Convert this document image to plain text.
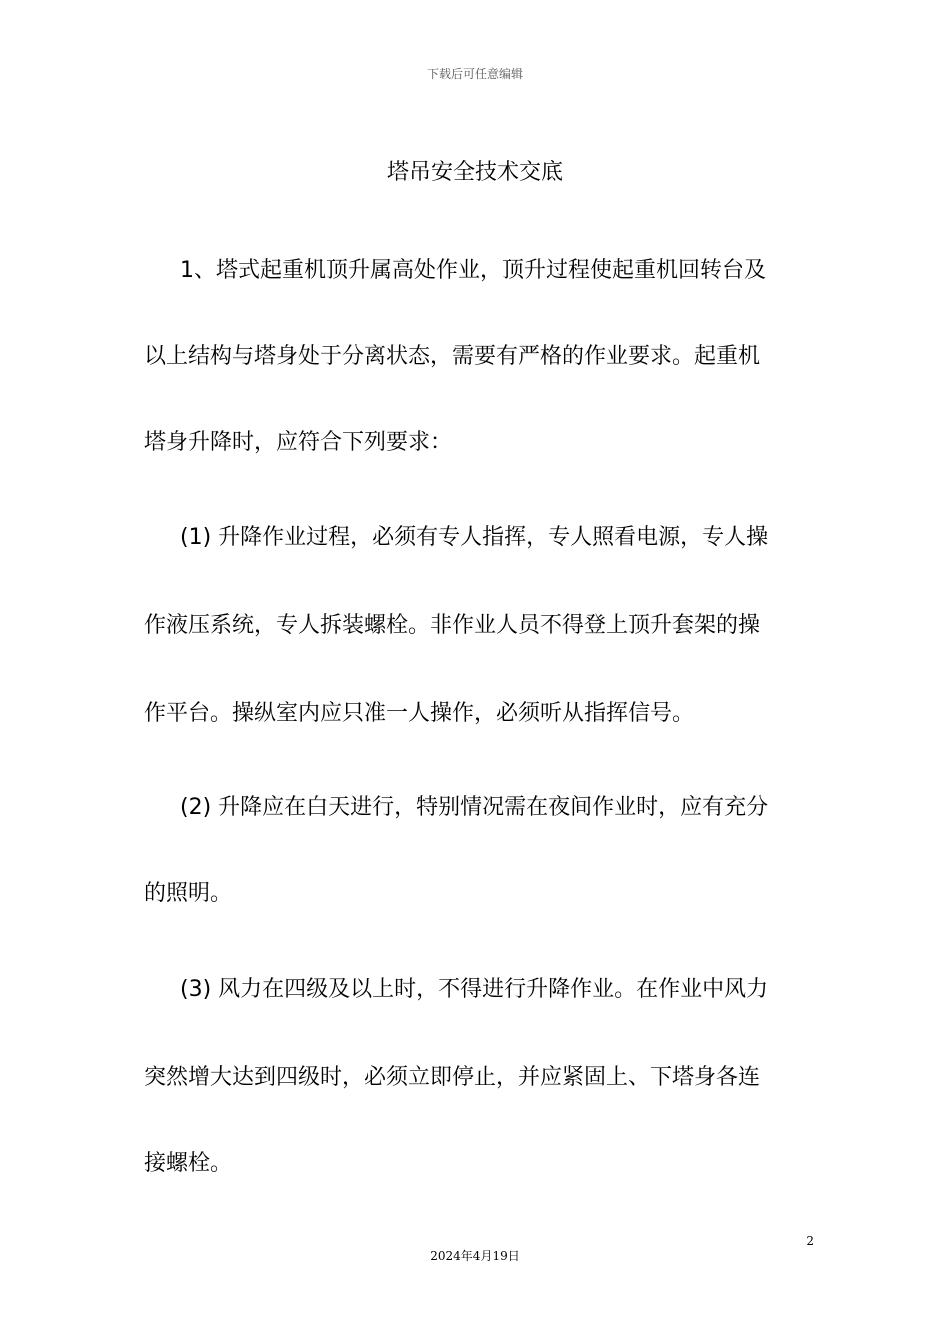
下载后可任意编辑
塔吊安全技术交底
1、塔式起重机顶升属高处作业，顶升过程使起重机回转台及
以上结构与塔身处于分离状态，需要有严格的作业要求。起重机
塔身升降时，应符合下列要求：
(1) 升降作业过程，必须有专人指挥，专人照看电源，专人操
作液压系统，专人拆装螺栓。非作业人员不得登上顶升套架的操
作平台。操纵室内应只准一人操作，必须听从指挥信号。
(2) 升降应在白天进行，特别情况需在夜间作业时，应有充分
的照明。
(3) 风力在四级及以上时，不得进行升降作业。在作业中风力
突然增大达到四级时，必须立即停止，并应紧固上、下塔身各连
接螺栓。
2
2024年4月19日
